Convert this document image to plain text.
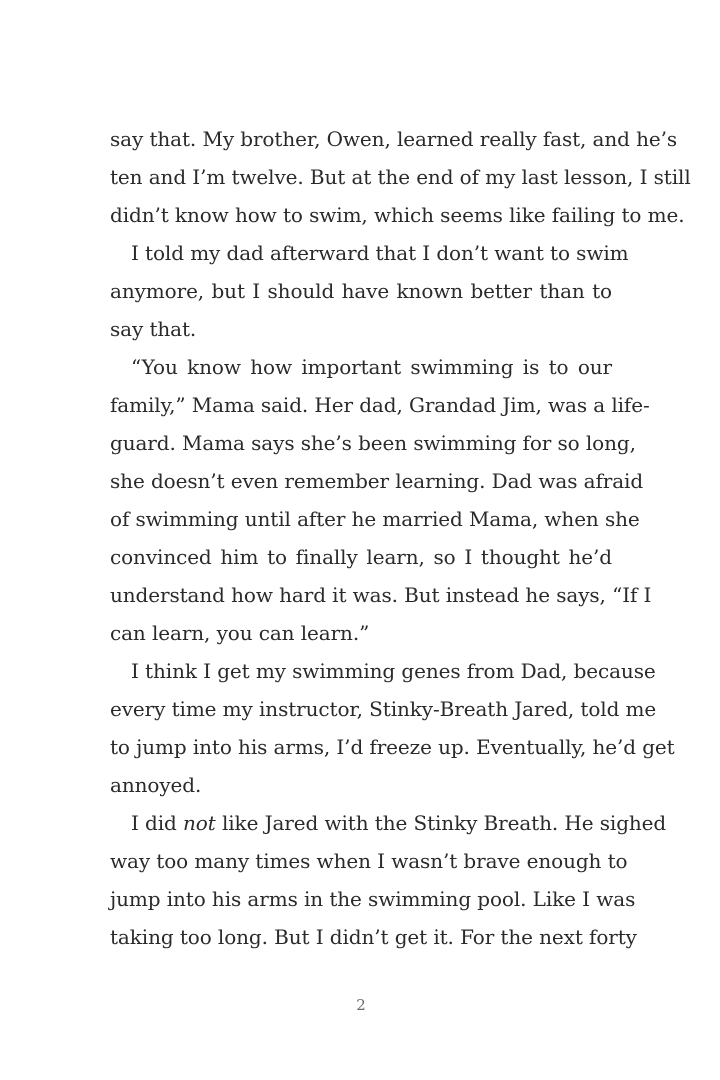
say that. My brother, Owen, learned really fast, and he’s
ten and I’m twelve. But at the end of my last lesson, I still
didn’t know how to swim, which seems like failing to me.
I told my dad afterward that I don’t want to swim
anymore, but I should have known better than to
say that.
“You know how important swimming is to our
family,” Mama said. Her dad, Grandad Jim, was a life-
guard. Mama says she’s been swimming for so long,
she doesn’t even remember learning. Dad was afraid
of swimming until after he married Mama, when she
convinced him to finally learn, so I thought he’d
understand how hard it was. But instead he says, “If I
can learn, you can learn.”
I think I get my swimming genes from Dad, because
every time my instructor, Stinky-Breath Jared, told me
to jump into his arms, I’d freeze up. Eventually, he’d get
annoyed.
I did not like Jared with the Stinky Breath. He sighed
way too many times when I wasn’t brave enough to
jump into his arms in the swimming pool. Like I was
taking too long. But I didn’t get it. For the next forty
2
